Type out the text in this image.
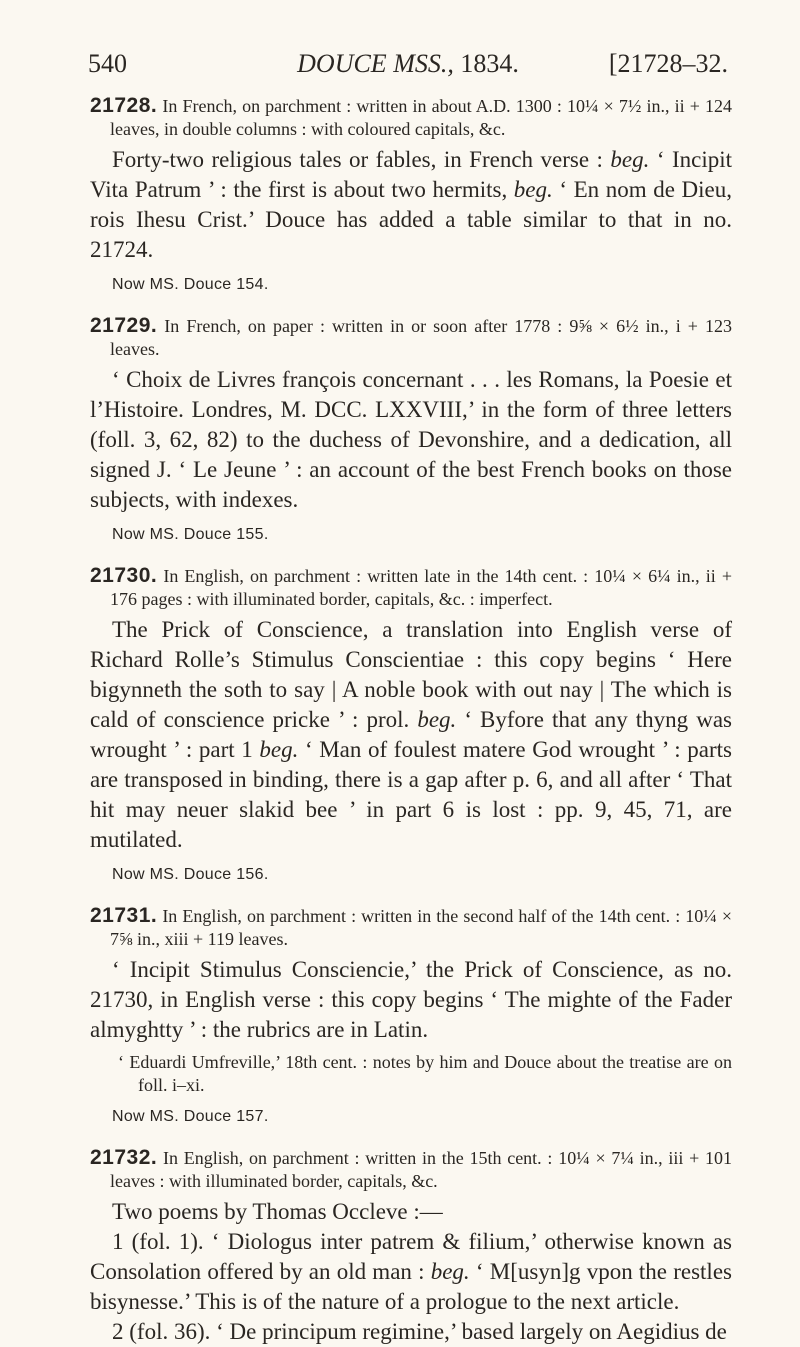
540	DOUCE MSS., 1834.	[21728–32.

21728. In French, on parchment : written in about A.D. 1300 : 10¼ × 7½ in., ii + 124 leaves, in double columns : with coloured capitals, &c.

Forty-two religious tales or fables, in French verse : beg. ‘ Incipit Vita Patrum ’ : the first is about two hermits, beg. ‘ En nom de Dieu, rois Ihesu Crist.’ Douce has added a table similar to that in no. 21724.

Now MS. Douce 154.

21729. In French, on paper : written in or soon after 1778 : 9⅝ × 6½ in., i + 123 leaves.

‘ Choix de Livres françois concernant . . . les Romans, la Poesie et l’Histoire. Londres, M. DCC. LXXVIII,’ in the form of three letters (foll. 3, 62, 82) to the duchess of Devonshire, and a dedication, all signed J. ‘ Le Jeune ’ : an account of the best French books on those subjects, with indexes.

Now MS. Douce 155.

21730. In English, on parchment : written late in the 14th cent. : 10¼ × 6¼ in., ii + 176 pages : with illuminated border, capitals, &c. : imperfect.

The Prick of Conscience, a translation into English verse of Richard Rolle’s Stimulus Conscientiae : this copy begins ‘ Here bigynneth the soth to say | A noble book with out nay | The which is cald of conscience pricke ’ : prol. beg. ‘ Byfore that any thyng was wrought ’ : part 1 beg. ‘ Man of foulest matere God wrought ’ : parts are transposed in binding, there is a gap after p. 6, and all after ‘ That hit may neuer slakid bee ’ in part 6 is lost : pp. 9, 45, 71, are mutilated.

Now MS. Douce 156.

21731. In English, on parchment : written in the second half of the 14th cent. : 10¼ × 7⅝ in., xiii + 119 leaves.

‘ Incipit Stimulus Consciencie,’ the Prick of Conscience, as no. 21730, in English verse : this copy begins ‘ The mighte of the Fader almyghtty ’ : the rubrics are in Latin.

‘ Eduardi Umfreville,’ 18th cent. : notes by him and Douce about the treatise are on foll. i–xi.

Now MS. Douce 157.

21732. In English, on parchment : written in the 15th cent. : 10¼ × 7¼ in., iii + 101 leaves : with illuminated border, capitals, &c.

Two poems by Thomas Occleve :—

1 (fol. 1). ‘ Diologus inter patrem & filium,’ otherwise known as Consolation offered by an old man : beg. ‘ M[usyn]g vpon the restles bisynesse.’ This is of the nature of a prologue to the next article.

2 (fol. 36). ‘ De principum regimine,’ based largely on Aegidius de
